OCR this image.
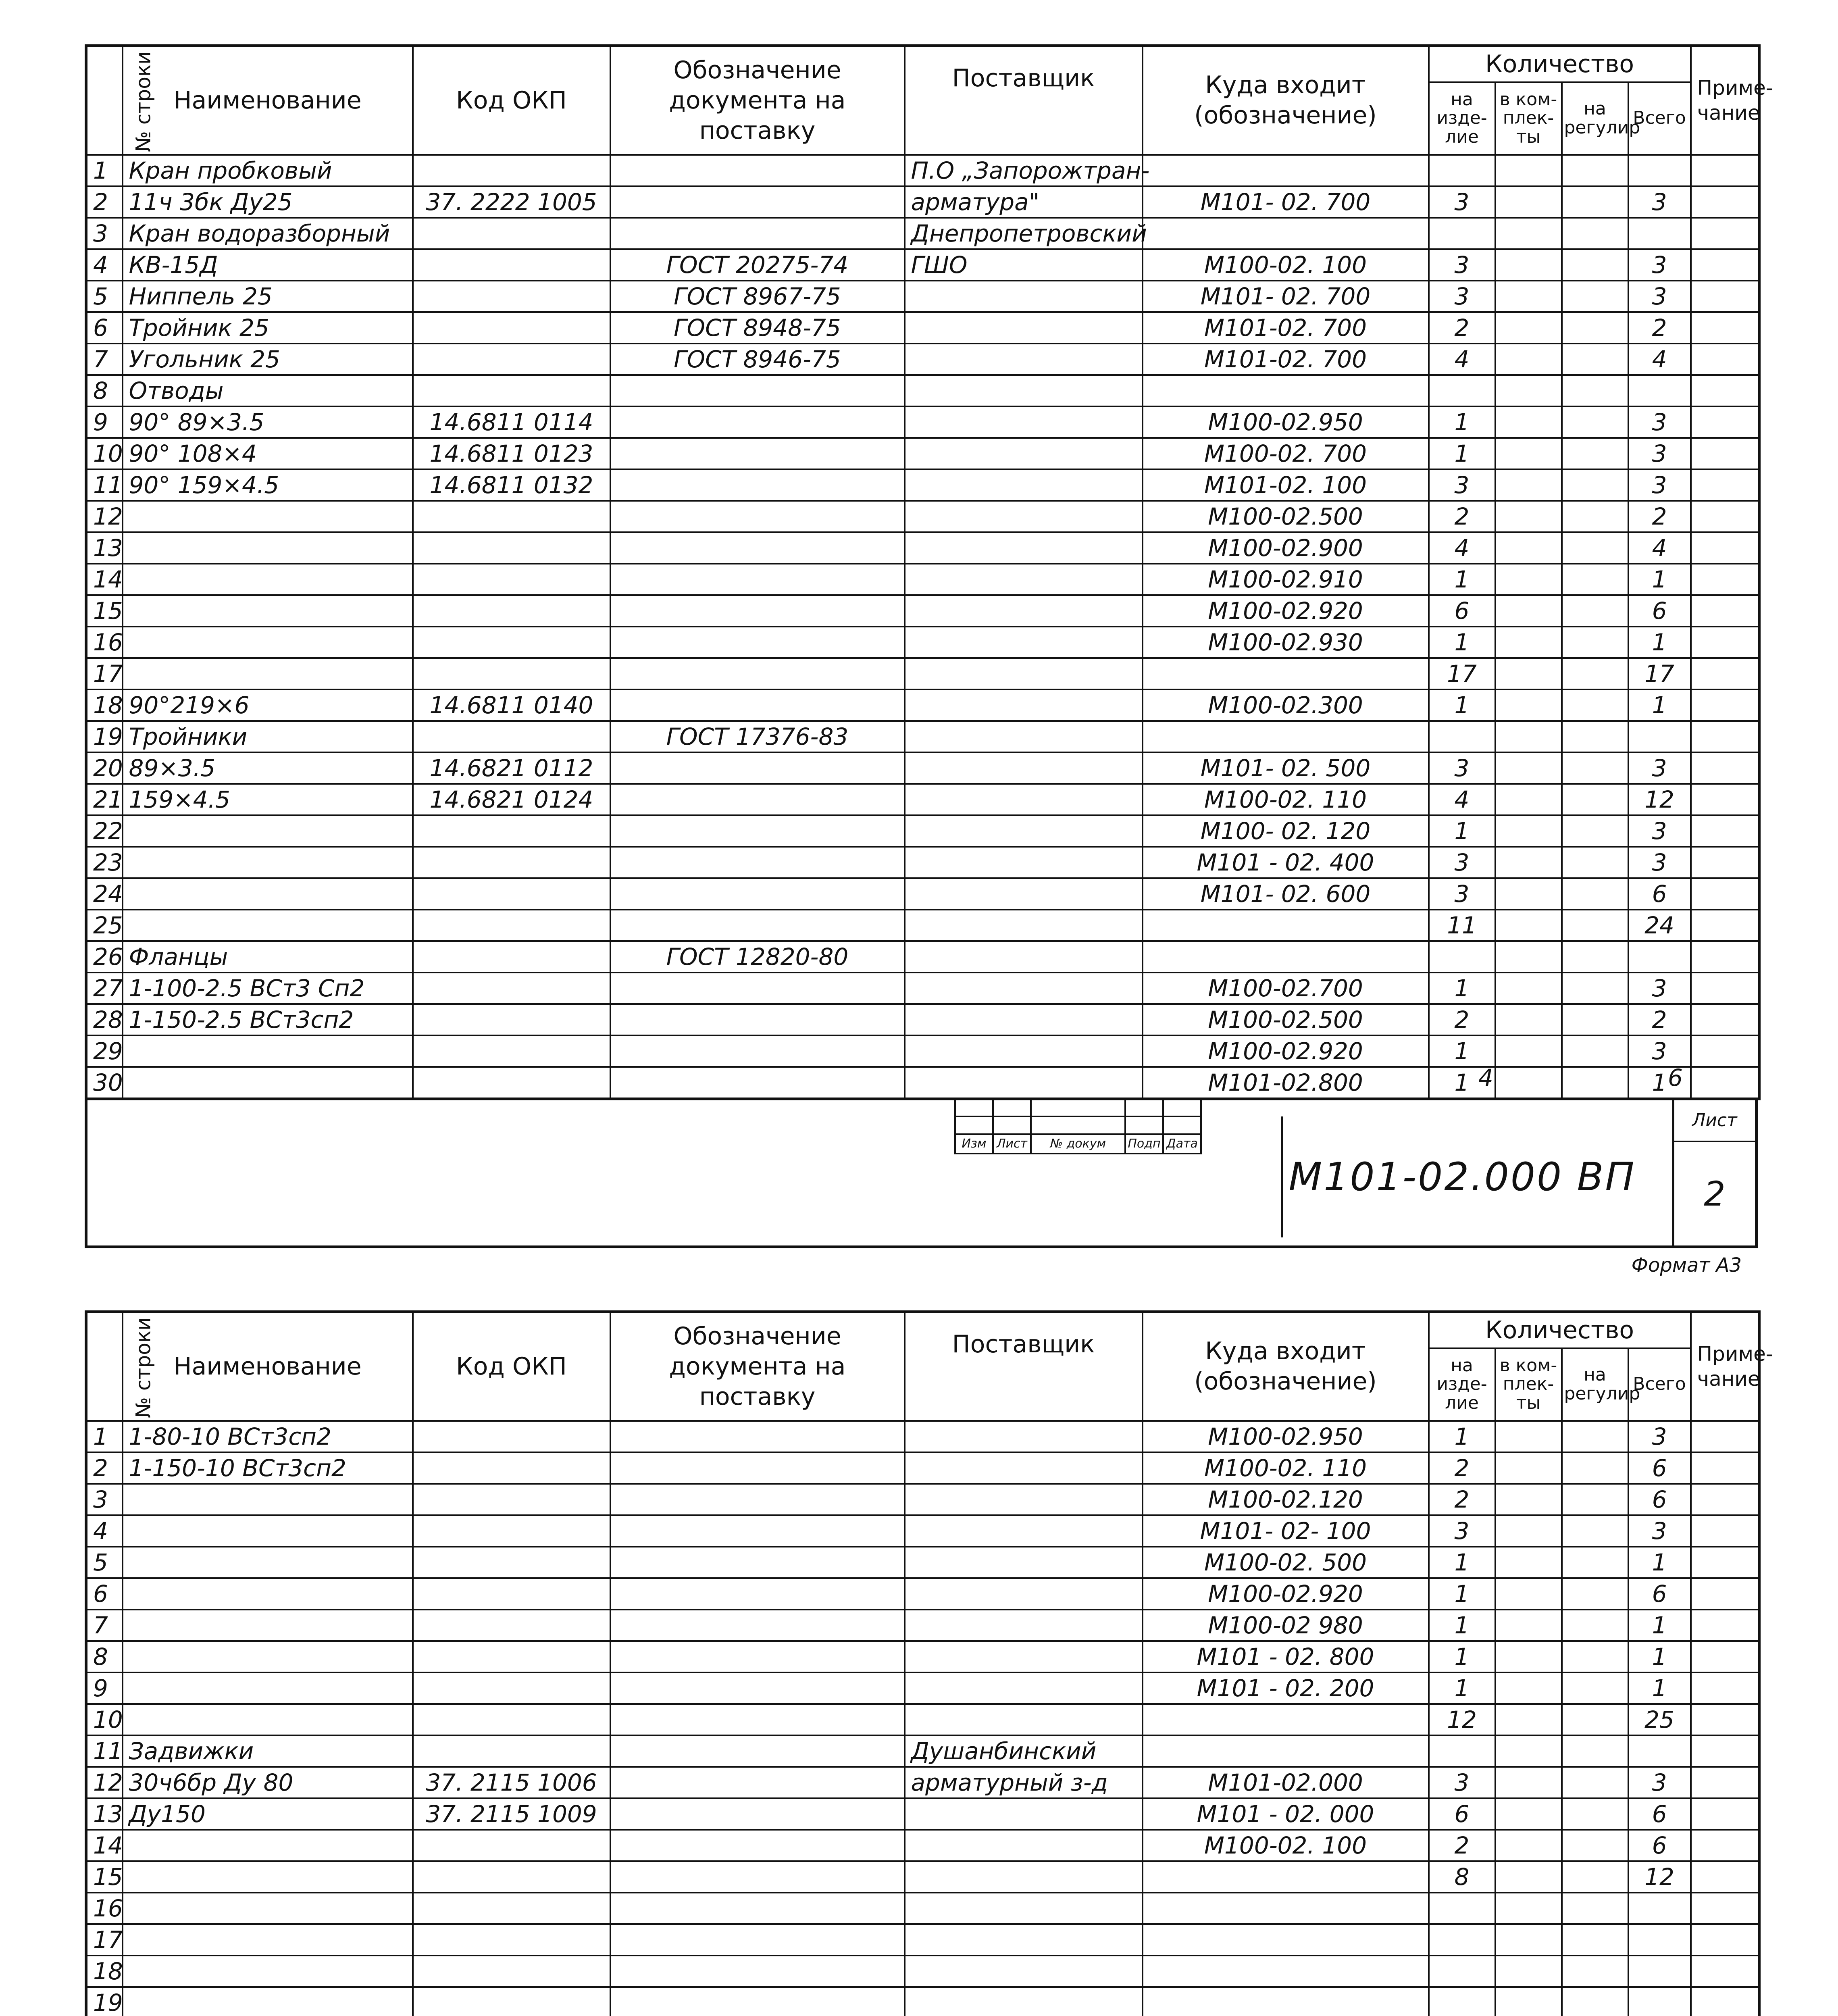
№ строки	Наименование	Код ОКП	Обозначение документа на поставку	Поставщик	Куда входит (обозначение)	Количество				Приме-чание
						на изде-лие	в ком-плек-ты	на регулир	Всего	
1	Кран пробковый			П.О „Запорожтран-						
2	11ч 3бк Ду25	37. 2222 1005		арматура"	М101- 02. 700	3			3	
3	Кран водоразборный			Днепропетровский						
4	КВ-15Д		ГОСТ 20275-74	ГШО	М100-02. 100	3			3	
5	Ниппель 25		ГОСТ 8967-75		М101- 02. 700	3			3	
6	Тройник 25		ГОСТ 8948-75		М101-02. 700	2			2	
7	Угольник 25		ГОСТ 8946-75		М101-02. 700	4			4	
8	Отводы									
9	90° 89×3.5	14.6811 0114			М100-02.950	1			3	
10	90° 108×4	14.6811 0123			М100-02. 700	1			3	
11	90° 159×4.5	14.6811 0132			М101-02. 100	3			3	
12					М100-02.500	2			2	
13					М100-02.900	4			4	
14					М100-02.910	1			1	
15					М100-02.920	6			6	
16					М100-02.930	1			1	
17						17			17	
18	90°219×6	14.6811 0140			М100-02.300	1			1	
19	Тройники		ГОСТ 17376-83							
20	89×3.5	14.6821 0112			М101- 02. 500	3			3	
21	159×4.5	14.6821 0124			М100-02. 110	4			12	
22					М100- 02. 120	1			3	
23					М101 - 02. 400	3			3	
24					М101- 02. 600	3			6	
25						11			24	
26	Фланцы		ГОСТ 12820-80							
27	1-100-2.5 ВСт3 Сп2				М100-02.700	1			3	
28	1-150-2.5 ВСт3сп2				М100-02.500	2			2	
29					М100-02.920	1			3	
30					М101-02.800	1			1	
4	6

Изм	Лист	№ докум	Подп	Дата
М101-02.000 ВП
Лист
2
Формат А3
№ строки	Наименование	Код ОКП	Обозначение документа на поставку	Поставщик	Куда входит (обозначение)	Количество				Приме-чание
						на изде-лие	в ком-плек-ты	на регулир	Всего	
1	1-80-10 ВСт3сп2				М100-02.950	1			3	
2	1-150-10 ВСт3сп2				М100-02. 110	2			6	
3					М100-02.120	2			6	
4					М101- 02- 100	3			3	
5					М100-02. 500	1			1	
6					М100-02.920	1			6	
7					М100-02 980	1			1	
8					М101 - 02. 800	1			1	
9					М101 - 02. 200	1			1	
10						12			25	
11	Задвижки			Душанбинский						
12	30ч6бр Ду 80	37. 2115 1006		арматурный з-д	М101-02.000	3			3	
13	Ду150	37. 2115 1009			М101 - 02. 000	6			6	
14					М100-02. 100	2			6	
15						8			12	
16										
17										
18										
19										
